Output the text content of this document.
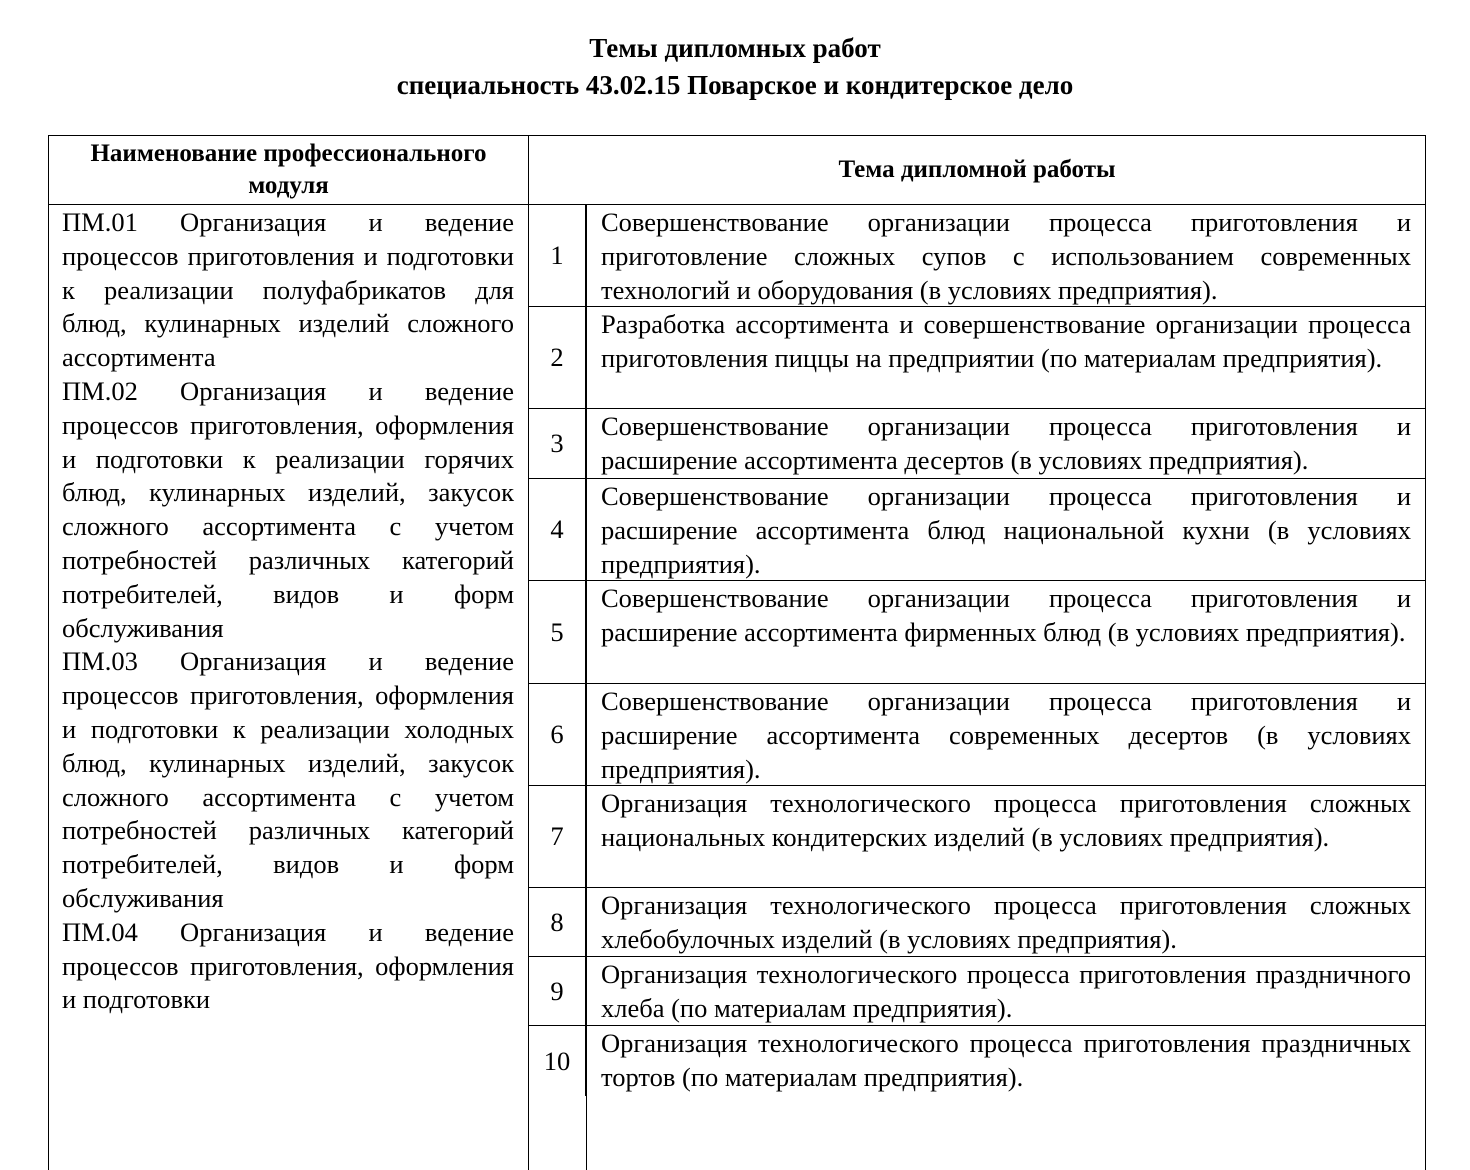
Темы дипломных работ
специальность 43.02.15 Поварское и кондитерское дело
Наименование профессионального модуля
Тема дипломной работы

ПМ.01 Организация и ведение процессов приготовления и подготовки к реализации полуфабрикатов для блюд, кулинарных изделий сложного ассортимента

ПМ.02 Организация и ведение процессов приготовления, оформления и подготовки к реализации горячих блюд, кулинарных изделий, закусок сложного ассортимента с учетом потребностей различных категорий потребителей, видов и форм обслуживания

ПМ.03 Организация и ведение процессов приготовления, оформления и подготовки к реализации холодных блюд, кулинарных изделий, закусок сложного ассортимента с учетом потребностей различных категорий потребителей, видов и форм обслуживания

ПМ.04 Организация и ведение процессов приготовления, оформления и подготовки

1
Совершенствование организации процесса приготовления и приготовление сложных супов с использованием современных технологий и оборудования (в условиях предприятия).
2
Разработка ассортимента и совершенствование организации процесса приготовления пиццы на предприятии (по материалам предприятия).
3
Совершенствование организации процесса приготовления и расширение ассортимента десертов (в условиях предприятия).
4
Совершенствование организации процесса приготовления и расширение ассортимента блюд национальной кухни (в условиях предприятия).
5
Совершенствование организации процесса приготовления и расширение ассортимента фирменных блюд (в условиях предприятия).
6
Совершенствование организации процесса приготовления и расширение ассортимента современных десертов (в условиях предприятия).
7
Организация технологического процесса приготовления сложных национальных кондитерских изделий (в условиях предприятия).
8
Организация технологического процесса приготовления сложных хлебобулочных изделий (в условиях предприятия).
9
Организация технологического процесса приготовления праздничного хлеба (по материалам предприятия).
10
Организация технологического процесса приготовления праздничных тортов (по материалам предприятия).
